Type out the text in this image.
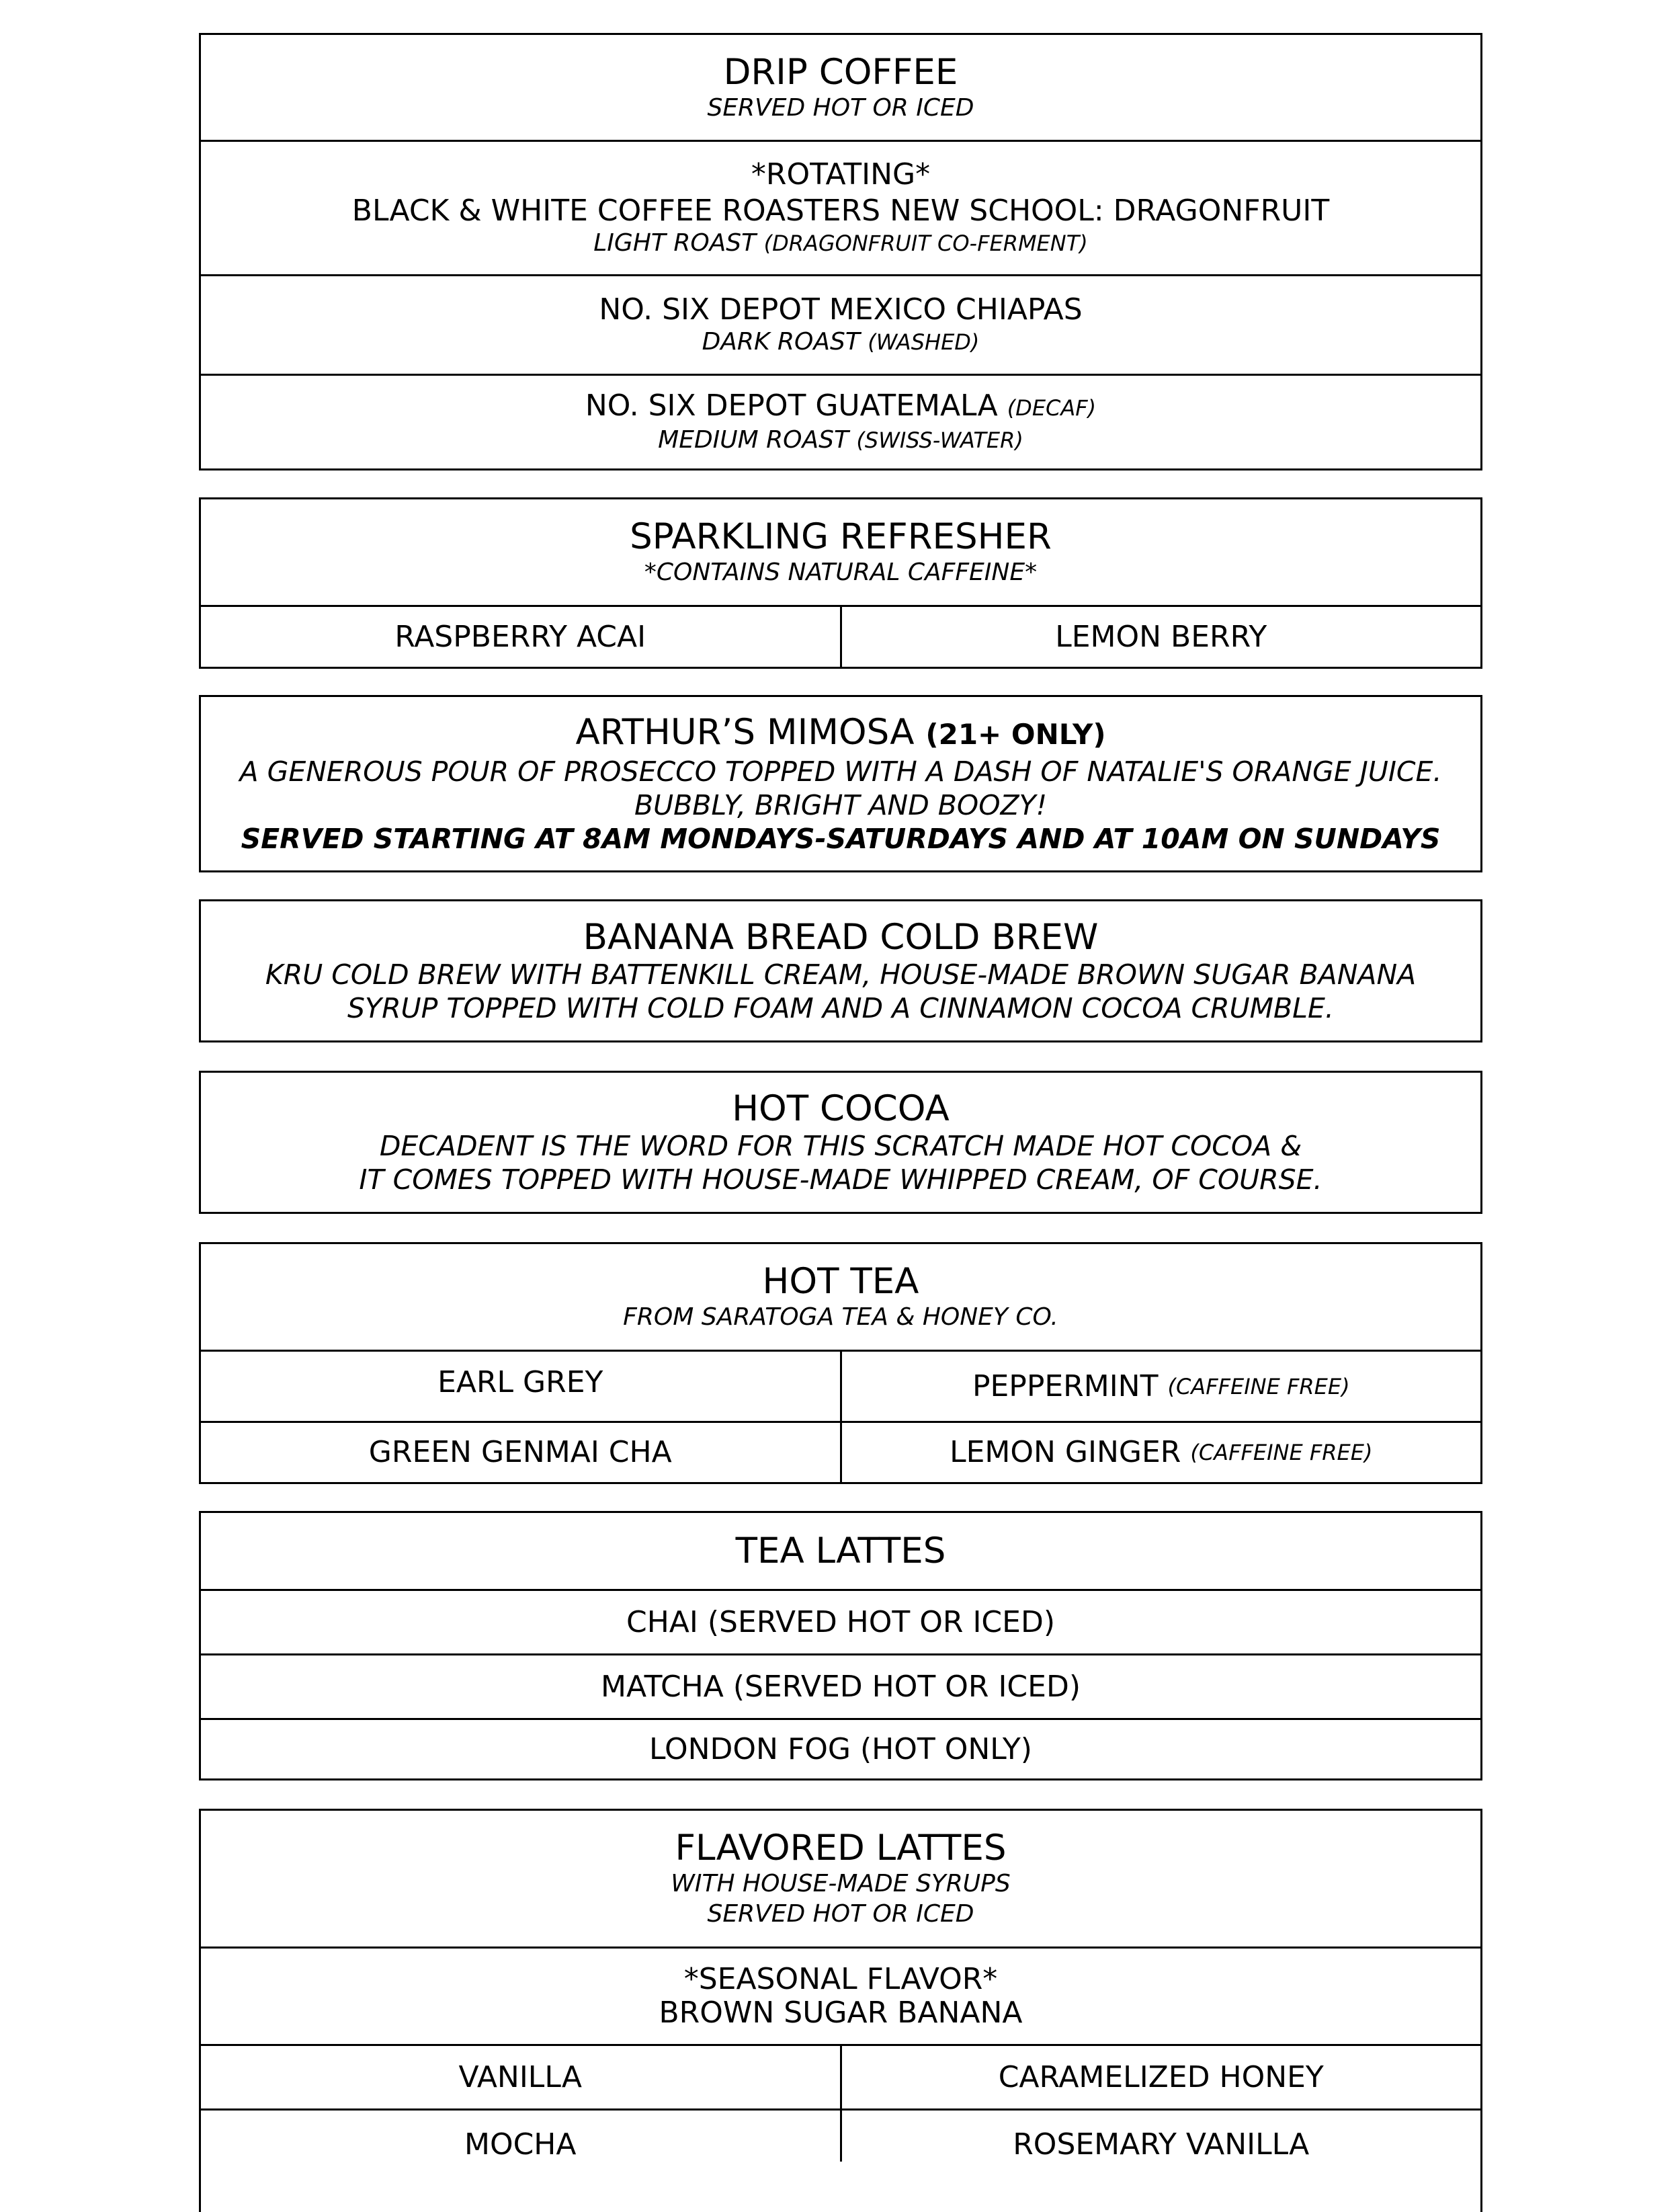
DRIP COFFEE
SERVED HOT OR ICED
*ROTATING*
BLACK & WHITE COFFEE ROASTERS NEW SCHOOL: DRAGONFRUIT
LIGHT ROAST (DRAGONFRUIT CO-FERMENT)
NO. SIX DEPOT MEXICO CHIAPAS
DARK ROAST (WASHED)
NO. SIX DEPOT GUATEMALA (DECAF)
MEDIUM ROAST (SWISS-WATER)
SPARKLING REFRESHER
*CONTAINS NATURAL CAFFEINE*
RASPBERRY ACAI	LEMON BERRY
ARTHUR’S MIMOSA (21+ ONLY)
A GENEROUS POUR OF PROSECCO TOPPED WITH A DASH OF NATALIE'S ORANGE JUICE.
BUBBLY, BRIGHT AND BOOZY!
SERVED STARTING AT 8AM MONDAYS-SATURDAYS AND AT 10AM ON SUNDAYS
BANANA BREAD COLD BREW
KRU COLD BREW WITH BATTENKILL CREAM, HOUSE-MADE BROWN SUGAR BANANA
SYRUP TOPPED WITH COLD FOAM AND A CINNAMON COCOA CRUMBLE.
HOT COCOA
DECADENT IS THE WORD FOR THIS SCRATCH MADE HOT COCOA &
IT COMES TOPPED WITH HOUSE-MADE WHIPPED CREAM, OF COURSE.
HOT TEA
FROM SARATOGA TEA & HONEY CO.
EARL GREY	PEPPERMINT
(CAFFEINE FREE)
GREEN GENMAI CHA	LEMON GINGER
(CAFFEINE FREE)
TEA LATTES
CHAI (SERVED HOT OR ICED)
MATCHA (SERVED HOT OR ICED)
LONDON FOG (HOT ONLY)
FLAVORED LATTES
WITH HOUSE-MADE SYRUPS
SERVED HOT OR ICED
*SEASONAL FLAVOR*
BROWN SUGAR BANANA
VANILLA	CARAMELIZED HONEY
MOCHA	ROSEMARY VANILLA
